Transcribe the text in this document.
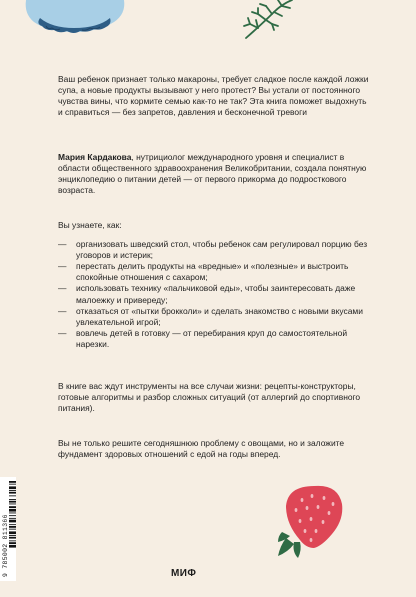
Ваш ребенок признает только макароны, требует сладкое после каждой ложки супа, а новые продукты вызывают у него протест? Вы устали от постоянного чувства вины, что кормите семью как-то не так? Эта книга поможет выдохнуть и справиться — без запретов, давления и бесконечной тревоги

Мария Кардакова, нутрициолог международного уровня и специалист в области общественного здравоохранения Великобритании, создала понятную энциклопедию о питании детей — от первого прикорма до подросткового возраста.

Вы узнаете, как:

— организовать шведский стол, чтобы ребенок сам регулировал порцию без уговоров и истерик;
— перестать делить продукты на «вредные» и «полезные» и выстроить спокойные отношения с сахаром;
— использовать технику «пальчиковой еды», чтобы заинтересовать даже малоежку и привереду;
— отказаться от «пытки брокколи» и сделать знакомство с новыми вкусами увлекательной игрой;
— вовлечь детей в готовку — от перебирания круп до самостоятельной нарезки.

В книге вас ждут инструменты на все случаи жизни: рецепты-конструкторы, готовые алгоритмы и разбор сложных ситуаций (от аллергий до спортивного питания).

Вы не только решите сегодняшнюю проблему с овощами, но и заложите фундамент здоровых отношений с едой на годы вперед.

9 785002 811366	МИФ
